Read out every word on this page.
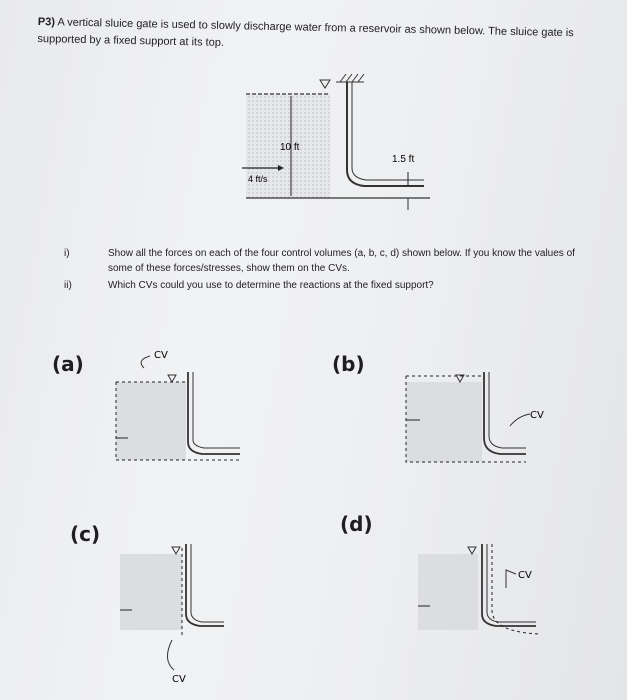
P3) A vertical sluice gate is used to slowly discharge water from a reservoir as shown below. The sluice gate is supported by a fixed support at its top.
10 ft
1.5 ft
4 ft/s
i)	Show all the forces on each of the four control volumes (a, b, c, d) shown below. If you know the values of some of these forces/stresses, show them on the CVs.
ii)	Which CVs could you use to determine the reactions at the fixed support?
(a)	(b)
(c)	(d)
CV
CV
CV
CV
